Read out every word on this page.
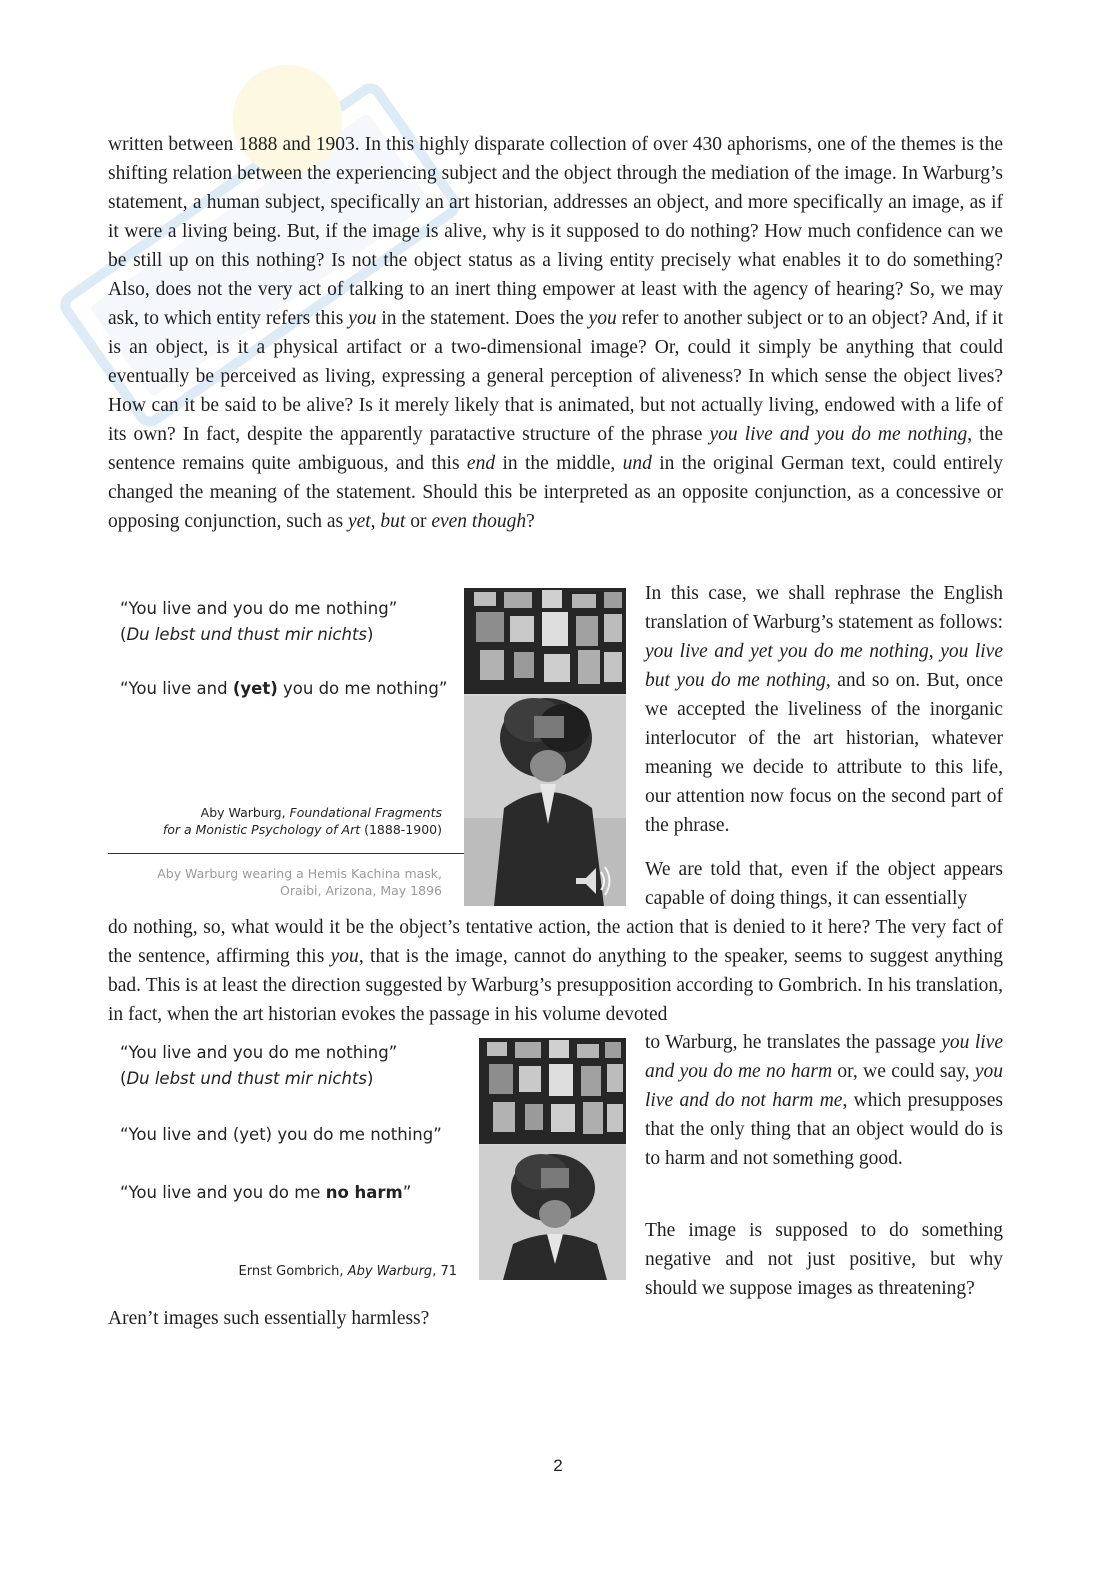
written between 1888 and 1903. In this highly disparate collection of over 430 aphorisms, one of the themes is the shifting relation between the experiencing subject and the object through the mediation of the image. In Warburg’s statement, a human subject, specifically an art historian, addresses an object, and more specifically an image, as if it were a living being. But, if the image is alive, why is it supposed to do nothing? How much confidence can we be still up on this nothing? Is not the object status as a living entity precisely what enables it to do something? Also, does not the very act of talking to an inert thing empower at least with the agency of hearing? So, we may ask, to which entity refers this you in the statement. Does the you refer to another subject or to an object? And, if it is an object, is it a physical artifact or a two-dimensional image? Or, could it simply be anything that could eventually be perceived as living, expressing a general perception of aliveness? In which sense the object lives? How can it be said to be alive? Is it merely likely that is animated, but not actually living, endowed with a life of its own? In fact, despite the apparently paratactive structure of the phrase you live and you do me nothing, the sentence remains quite ambiguous, and this end in the middle, und in the original German text, could entirely changed the meaning of the statement. Should this be interpreted as an opposite conjunction, as a concessive or opposing conjunction, such as yet, but or even though?

“You live and you do me nothing”

(Du lebst und thust mir nichts)

“You live and (yet) you do me nothing”

Aby Warburg, Foundational Fragments
for a Monistic Psychology of Art (1888-1900)
Aby Warburg wearing a Hemis Kachina mask,
Oraibi, Arizona, May 1896

In this case, we shall rephrase the English translation of Warburg’s statement as follows: you live and yet you do me nothing, you live but you do me nothing, and so on. But, once we accepted the liveliness of the inorganic interlocutor of the art historian, whatever meaning we decide to attribute to this life, our attention now focus on the second part of the phrase.

We are told that, even if the object appears capable of doing things, it can essentially

do nothing, so, what would it be the object’s tentative action, the action that is denied to it here? The very fact of the sentence, affirming this you, that is the image, cannot do anything to the speaker, seems to suggest anything bad. This is at least the direction suggested by Warburg’s presupposition according to Gombrich. In his translation, in fact, when the art historian evokes the passage in his volume devoted

“You live and you do me nothing”

(Du lebst und thust mir nichts)

“You live and (yet) you do me nothing”

“You live and you do me no harm”

Ernst Gombrich, Aby Warburg, 71

to Warburg, he translates the passage you live and you do me no harm or, we could say, you live and do not harm me, which presupposes that the only thing that an object would do is to harm and not something good.

The image is supposed to do something negative and not just positive, but why should we suppose images as threatening?

Aren’t images such essentially harmless?

2
